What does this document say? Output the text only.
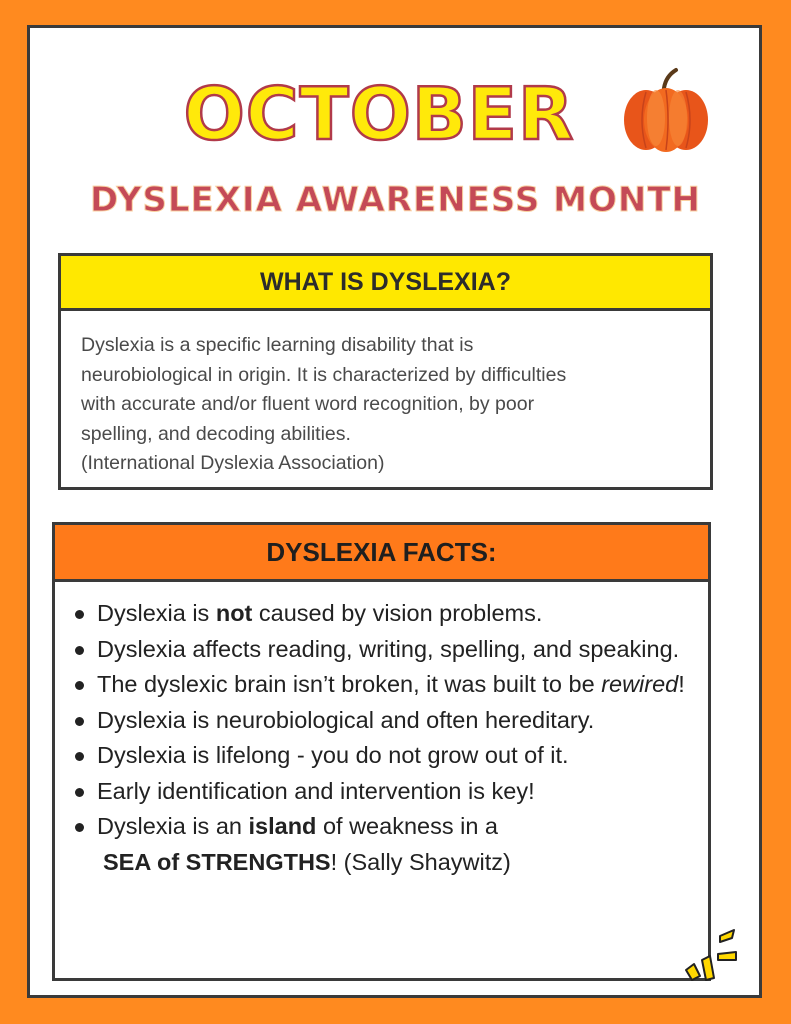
OCTOBER
DYSLEXIA AWARENESS MONTH
WHAT IS DYSLEXIA?
Dyslexia is a specific learning disability that is
neurobiological in origin. It is characterized by difficulties
with accurate and/or fluent word recognition, by poor
spelling, and decoding abilities.
(International Dyslexia Association)
DYSLEXIA FACTS:
Dyslexia is not caused by vision problems.
Dyslexia affects reading, writing, spelling, and speaking.
The dyslexic brain isn’t broken, it was built to be rewired!
Dyslexia is neurobiological and often hereditary.
Dyslexia is lifelong - you do not grow out of it.
Early identification and intervention is key!
Dyslexia is an island of weakness in a
SEA of STRENGTHS! (Sally Shaywitz)
